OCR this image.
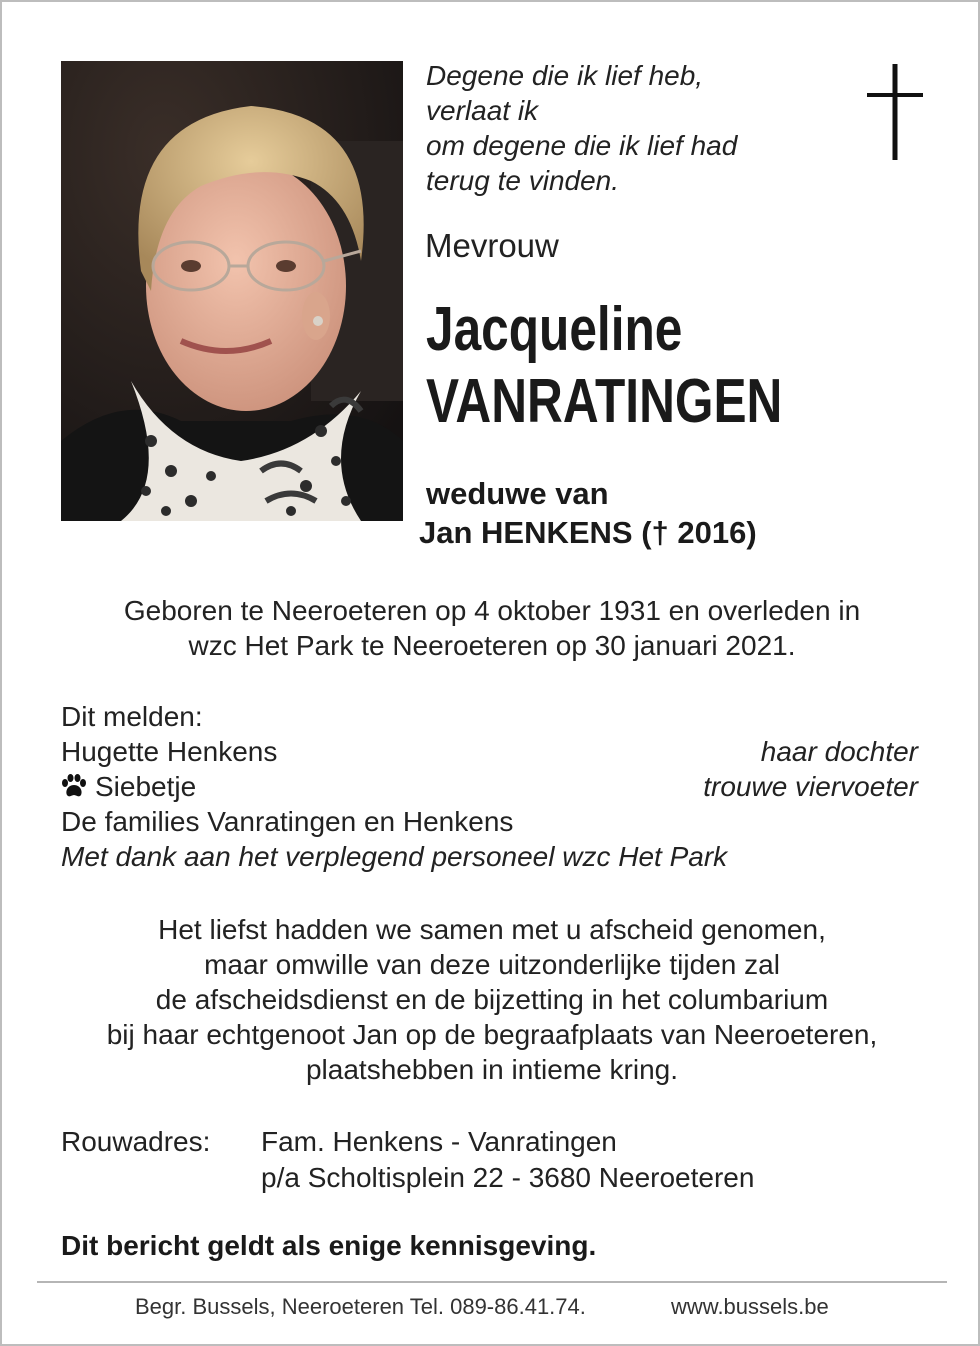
Degene die ik lief heb,
verlaat ik
om degene die ik lief had
terug te vinden.
Mevrouw
Jacqueline
VANRATINGEN
weduwe van
Jan HENKENS († 2016)
Geboren te Neeroeteren op 4 oktober 1931 en overleden in
wzc Het Park te Neeroeteren op 30 januari 2021.
Dit melden:
Hugette Henkens	haar dochter
Siebetje	trouwe viervoeter
De families Vanratingen en Henkens
Met dank aan het verplegend personeel wzc Het Park
Het liefst hadden we samen met u afscheid genomen,
maar omwille van deze uitzonderlijke tijden zal
de afscheidsdienst en de bijzetting in het columbarium
bij haar echtgenoot Jan op de begraafplaats van Neeroeteren,
plaatshebben in intieme kring.
Rouwadres: Fam. Henkens - Vanratingen
p/a Scholtisplein 22 - 3680 Neeroeteren
Dit bericht geldt als enige kennisgeving.
Begr. Bussels, Neeroeteren Tel. 089-86.41.74.	www.bussels.be
